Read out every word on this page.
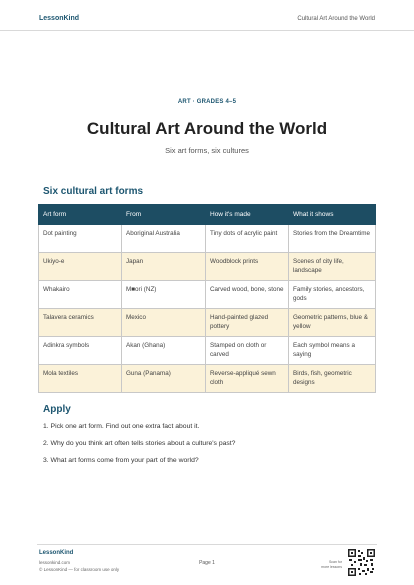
LessonKind	Cultural Art Around the World
ART · GRADES 4–5
Cultural Art Around the World
Six art forms, six cultures
Six cultural art forms
Art form	From	How it's made	What it shows
Dot painting	Aboriginal Australia	Tiny dots of acrylic paint	Stories from the Dreamtime
Ukiyo-e	Japan	Woodblock prints	Scenes of city life, landscape
Whakairo	M■ori (NZ)	Carved wood, bone, stone	Family stories, ancestors, gods
Talavera ceramics	Mexico	Hand-painted glazed pottery	Geometric patterns, blue & yellow
Adinkra symbols	Akan (Ghana)	Stamped on cloth or carved	Each symbol means a saying
Mola textiles	Guna (Panama)	Reverse-appliqué sewn cloth	Birds, fish, geometric designs
Apply
1. Pick one art form. Find out one extra fact about it.
2. Why do you think art often tells stories about a culture's past?
3. What art forms come from your part of the world?
LessonKind
lessonkind.com
© LessonKind — for classroom use only
Page 1	Scan for
more lessons
